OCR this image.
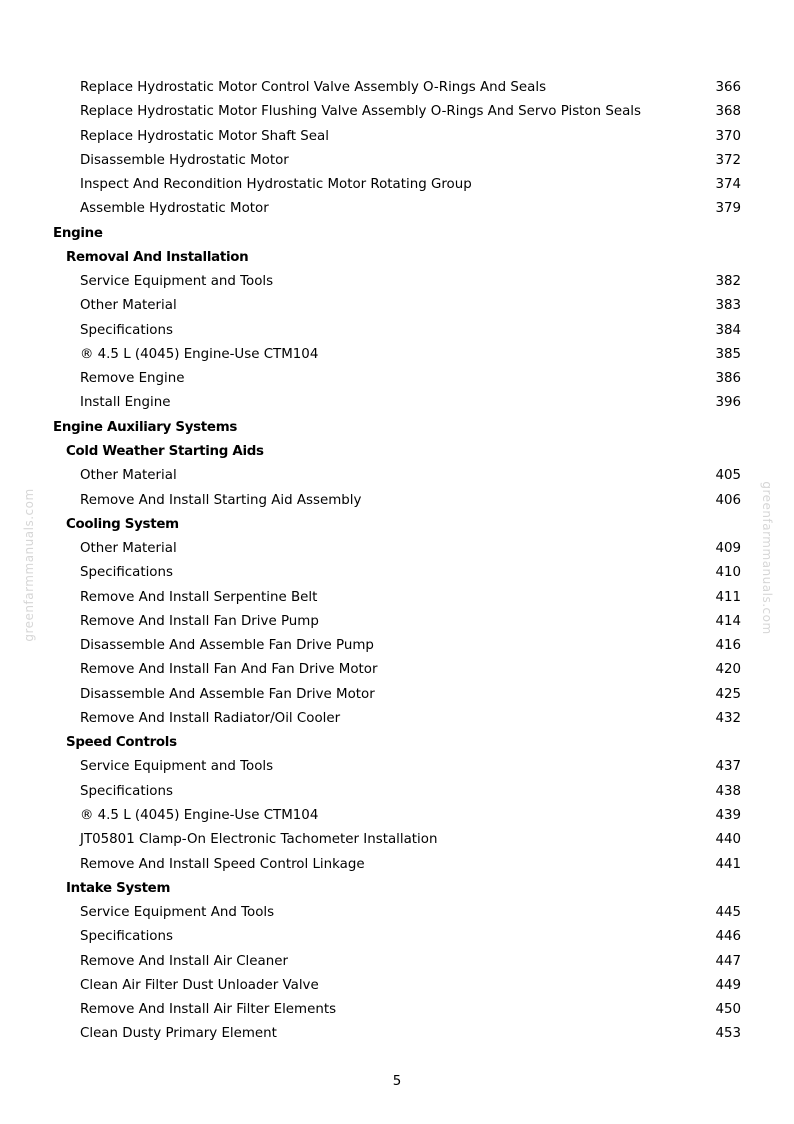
Replace Hydrostatic Motor Control Valve Assembly O-Rings And Seals	366
Replace Hydrostatic Motor Flushing Valve Assembly O-Rings And Servo Piston Seals	368
Replace Hydrostatic Motor Shaft Seal	370
Disassemble Hydrostatic Motor	372
Inspect And Recondition Hydrostatic Motor Rotating Group	374
Assemble Hydrostatic Motor	379
Engine
Removal And Installation
Service Equipment and Tools	382
Other Material	383
Specifications	384
® 4.5 L (4045) Engine-Use CTM104	385
Remove Engine	386
Install Engine	396
Engine Auxiliary Systems
Cold Weather Starting Aids
Other Material	405
Remove And Install Starting Aid Assembly	406
Cooling System
Other Material	409
Specifications	410
Remove And Install Serpentine Belt	411
Remove And Install Fan Drive Pump	414
Disassemble And Assemble Fan Drive Pump	416
Remove And Install Fan And Fan Drive Motor	420
Disassemble And Assemble Fan Drive Motor	425
Remove And Install Radiator/Oil Cooler	432
Speed Controls
Service Equipment and Tools	437
Specifications	438
® 4.5 L (4045) Engine-Use CTM104	439
JT05801 Clamp-On Electronic Tachometer Installation	440
Remove And Install Speed Control Linkage	441
Intake System
Service Equipment And Tools	445
Specifications	446
Remove And Install Air Cleaner	447
Clean Air Filter Dust Unloader Valve	449
Remove And Install Air Filter Elements	450
Clean Dusty Primary Element	453
5
greenfarmmanuals.com	greenfarmmanuals.com
